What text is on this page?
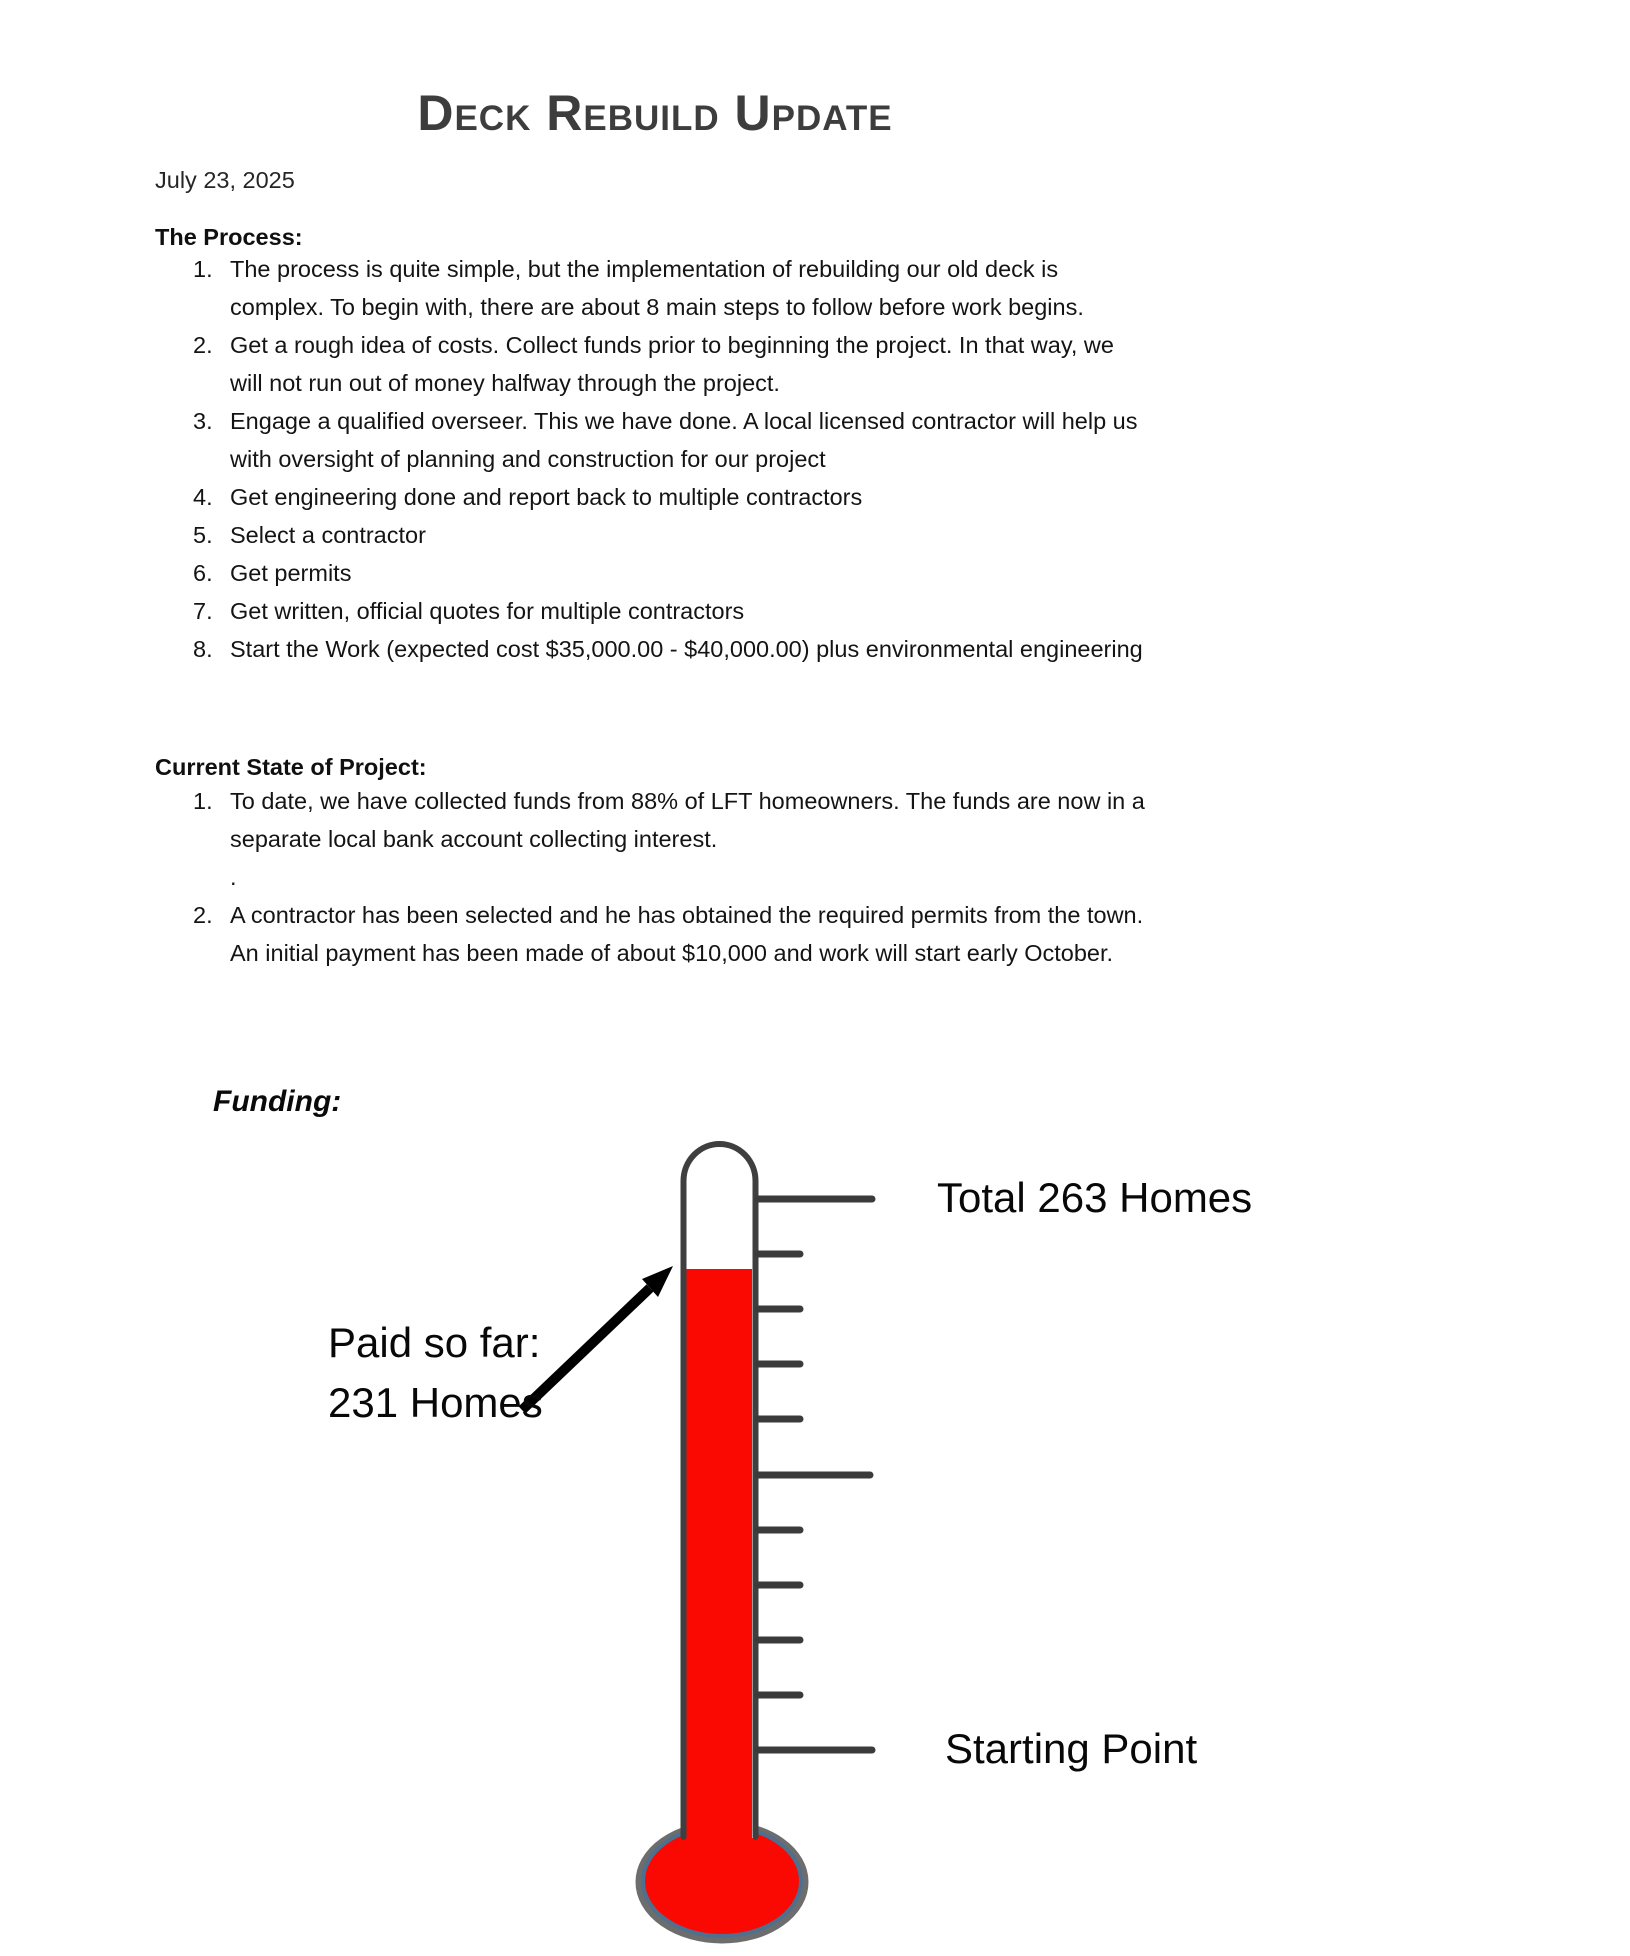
Deck Rebuild Update
July 23, 2025
The Process:
1. The process is quite simple, but the implementation of rebuilding our old deck is
complex. To begin with, there are about 8 main steps to follow before work begins.
2. Get a rough idea of costs. Collect funds prior to beginning the project. In that way, we
will not run out of money halfway through the project.
3. Engage a qualified overseer. This we have done. A local licensed contractor will help us
with oversight of planning and construction for our project
4. Get engineering done and report back to multiple contractors
5. Select a contractor
6. Get permits
7. Get written, official quotes for multiple contractors
8. Start the Work (expected cost $35,000.00 - $40,000.00) plus environmental engineering
Current State of Project:
1. To date, we have collected funds from 88% of LFT homeowners. The funds are now in a
separate local bank account collecting interest.
.
2. A contractor has been selected and he has obtained the required permits from the town.
An initial payment has been made of about $10,000 and work will start early October.
Funding:
Total 263 Homes
Paid so far:
231 Homes
Starting Point
